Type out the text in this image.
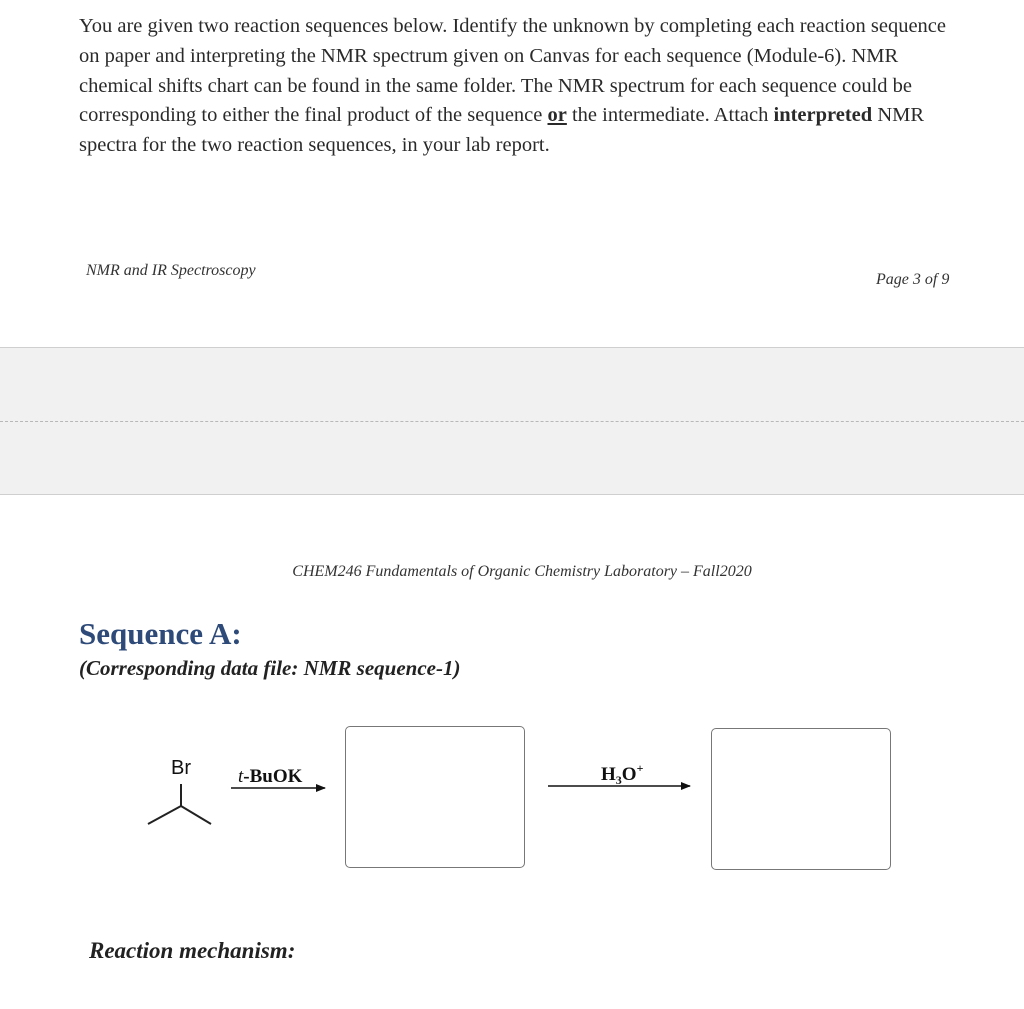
You are given two reaction sequences below. Identify the unknown by completing each reaction sequence on paper and interpreting the NMR spectrum given on Canvas for each sequence (Module-6). NMR chemical shifts chart can be found in the same folder. The NMR spectrum for each sequence could be corresponding to either the final product of the sequence or the intermediate. Attach interpreted NMR spectra for the two reaction sequences, in your lab report.

NMR and IR Spectroscopy
Page 3 of 9
CHEM246 Fundamentals of Organic Chemistry Laboratory – Fall2020
Sequence A:
(Corresponding data file: NMR sequence-1)
Br t-BuOK	$H_3O^+$
Reaction mechanism:
